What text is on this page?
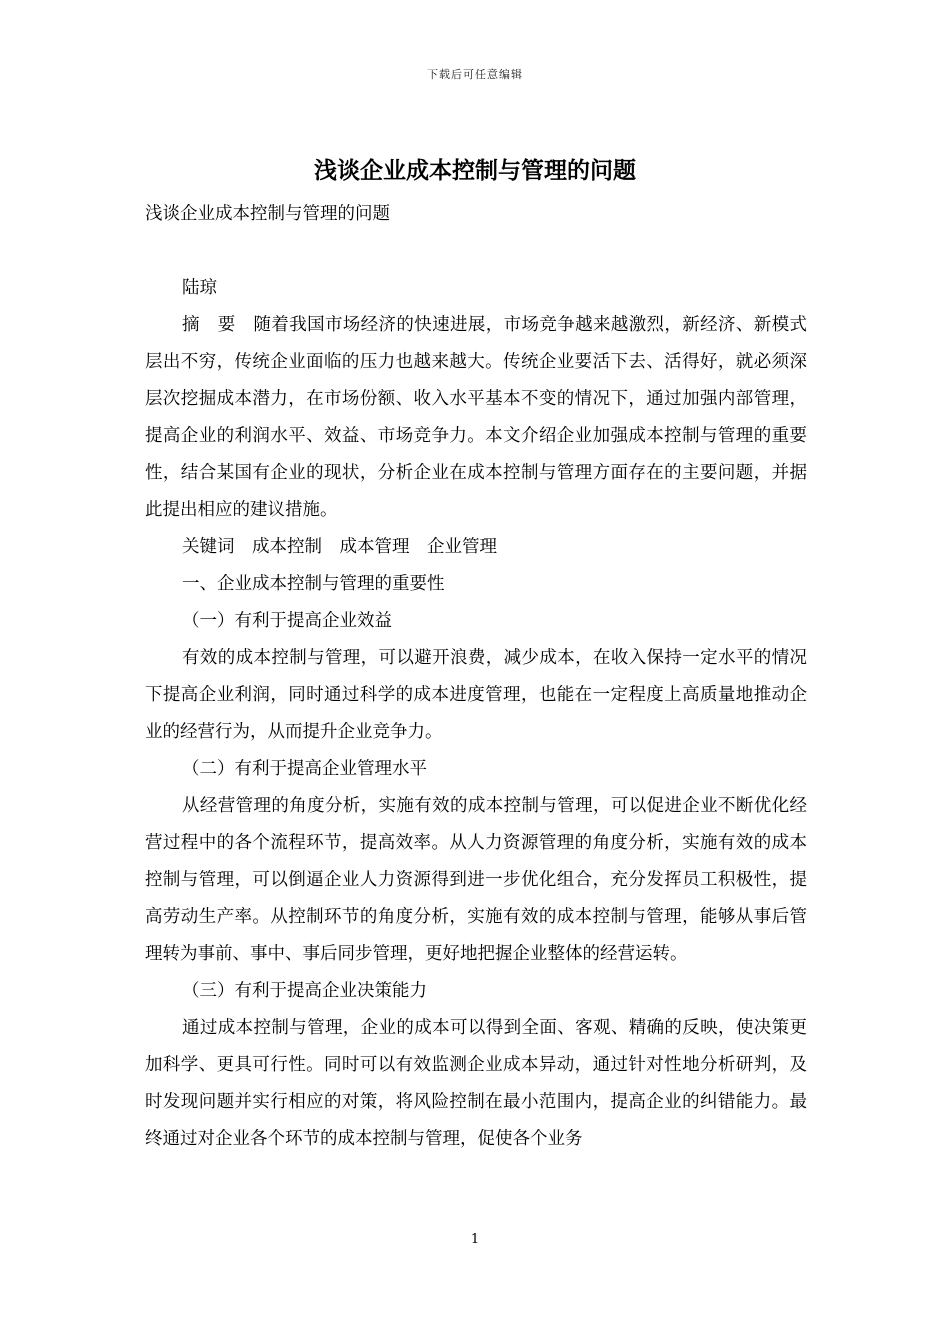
下载后可任意编辑
浅谈企业成本控制与管理的问题

浅谈企业成本控制与管理的问题

陆琼

摘　要　随着我国市场经济的快速进展，市场竞争越来越激烈，新经济、新模式层出不穷，传统企业面临的压力也越来越大。传统企业要活下去、活得好，就必须深层次挖掘成本潜力，在市场份额、收入水平基本不变的情况下，通过加强内部管理，提高企业的利润水平、效益、市场竞争力。本文介绍企业加强成本控制与管理的重要性，结合某国有企业的现状，分析企业在成本控制与管理方面存在的主要问题，并据此提出相应的建议措施。

关键词　成本控制　成本管理　企业管理

一、企业成本控制与管理的重要性

（一）有利于提高企业效益

有效的成本控制与管理，可以避开浪费，减少成本，在收入保持一定水平的情况下提高企业利润，同时通过科学的成本进度管理，也能在一定程度上高质量地推动企业的经营行为，从而提升企业竞争力。

（二）有利于提高企业管理水平

从经营管理的角度分析，实施有效的成本控制与管理，可以促进企业不断优化经营过程中的各个流程环节，提高效率。从人力资源管理的角度分析，实施有效的成本控制与管理，可以倒逼企业人力资源得到进一步优化组合，充分发挥员工积极性，提高劳动生产率。从控制环节的角度分析，实施有效的成本控制与管理，能够从事后管理转为事前、事中、事后同步管理，更好地把握企业整体的经营运转。

（三）有利于提高企业决策能力

通过成本控制与管理，企业的成本可以得到全面、客观、精确的反映，使决策更加科学、更具可行性。同时可以有效监测企业成本异动，通过针对性地分析研判，及时发现问题并实行相应的对策，将风险控制在最小范围内，提高企业的纠错能力。最终通过对企业各个环节的成本控制与管理，促使各个业务

1
